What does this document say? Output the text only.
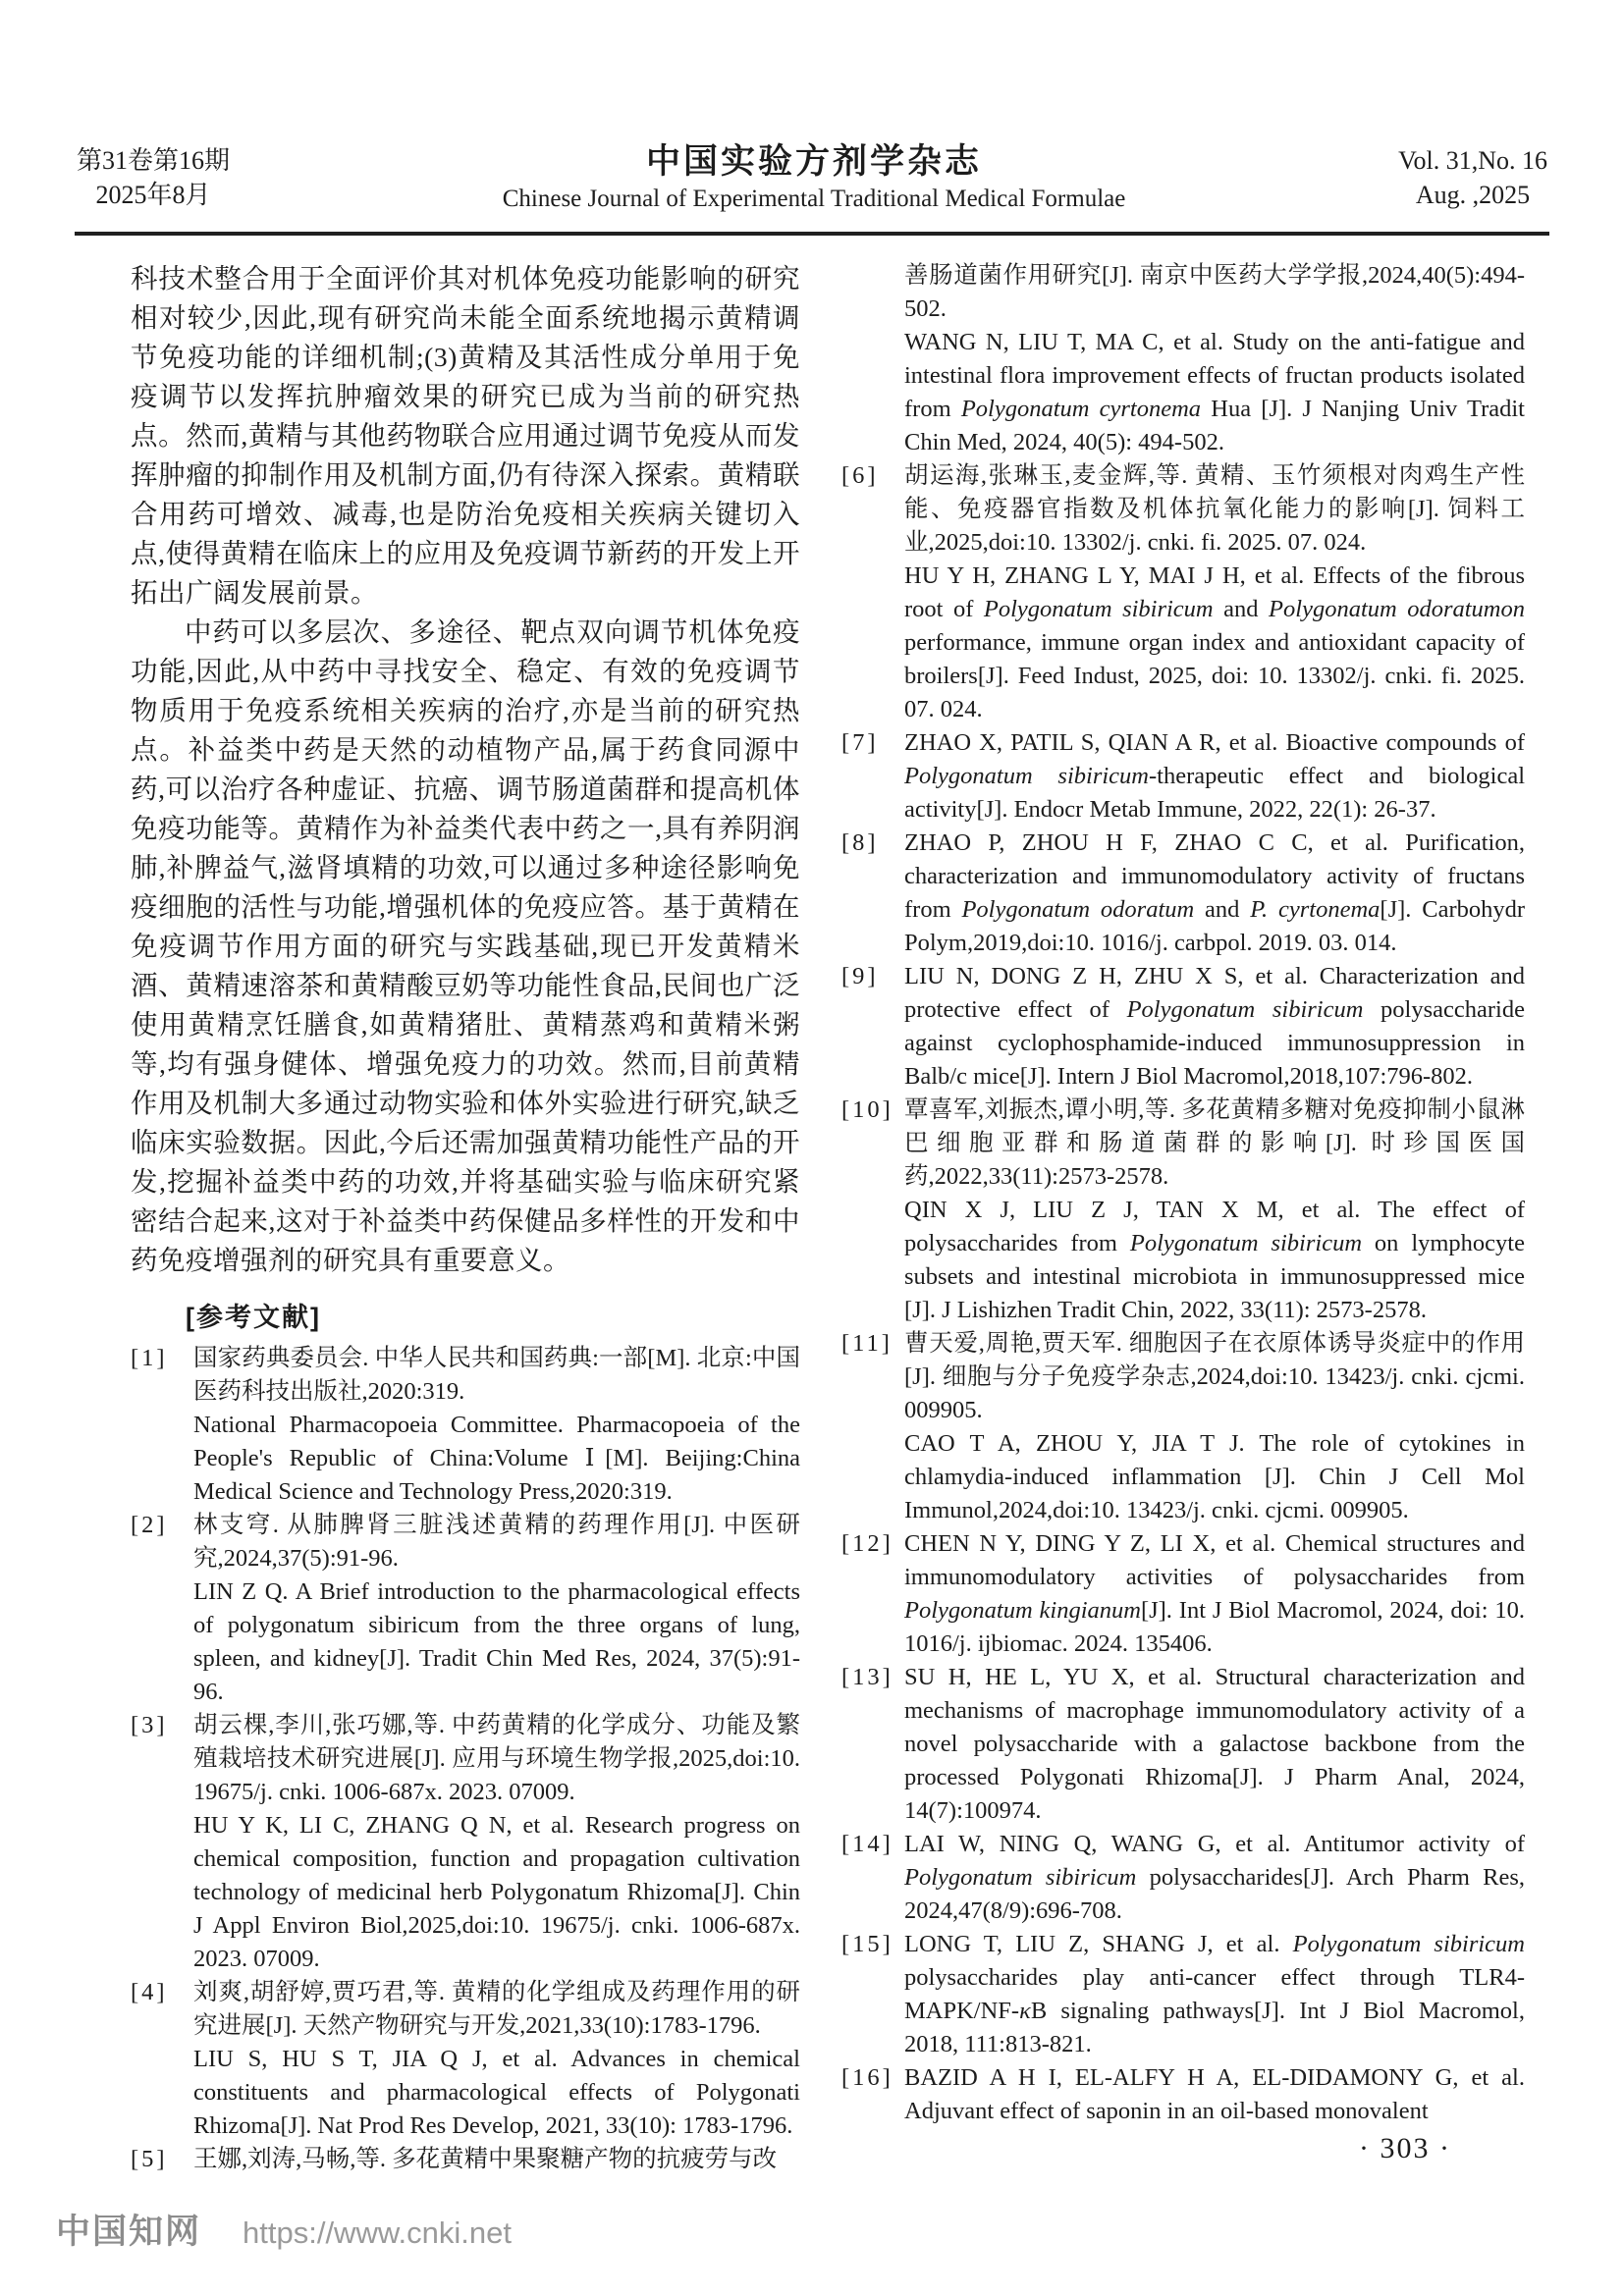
第31卷第16期
2025年8月
中国实验方剂学杂志
Chinese Journal of Experimental Traditional Medical Formulae
Vol. 31,No. 16
Aug. ,2025

科技术整合用于全面评价其对机体免疫功能影响的研究相对较少,因此,现有研究尚未能全面系统地揭示黄精调节免疫功能的详细机制;(3)黄精及其活性成分单用于免疫调节以发挥抗肿瘤效果的研究已成为当前的研究热点。然而,黄精与其他药物联合应用通过调节免疫从而发挥肿瘤的抑制作用及机制方面,仍有待深入探索。黄精联合用药可增效、减毒,也是防治免疫相关疾病关键切入点,使得黄精在临床上的应用及免疫调节新药的开发上开拓出广阔发展前景。

中药可以多层次、多途径、靶点双向调节机体免疫功能,因此,从中药中寻找安全、稳定、有效的免疫调节物质用于免疫系统相关疾病的治疗,亦是当前的研究热点。补益类中药是天然的动植物产品,属于药食同源中药,可以治疗各种虚证、抗癌、调节肠道菌群和提高机体免疫功能等。黄精作为补益类代表中药之一,具有养阴润肺,补脾益气,滋肾填精的功效,可以通过多种途径影响免疫细胞的活性与功能,增强机体的免疫应答。基于黄精在免疫调节作用方面的研究与实践基础,现已开发黄精米酒、黄精速溶茶和黄精酸豆奶等功能性食品,民间也广泛使用黄精烹饪膳食,如黄精猪肚、黄精蒸鸡和黄精米粥等,均有强身健体、增强免疫力的功效。然而,目前黄精作用及机制大多通过动物实验和体外实验进行研究,缺乏临床实验数据。因此,今后还需加强黄精功能性产品的开发,挖掘补益类中药的功效,并将基础实验与临床研究紧密结合起来,这对于补益类中药保健品多样性的开发和中药免疫增强剂的研究具有重要意义。

[参考文献]
[1] 国家药典委员会. 中华人民共和国药典:一部[M]. 北京:中国医药科技出版社,2020:319.
National Pharmacopoeia Committee. Pharmacopoeia of the People's Republic of China:Volume Ⅰ[M]. Beijing:China Medical Science and Technology Press,2020:319.
[2] 林支穹. 从肺脾肾三脏浅述黄精的药理作用[J]. 中医研究,2024,37(5):91-96.
LIN Z Q. A Brief introduction to the pharmacological effects of polygonatum sibiricum from the three organs of lung, spleen, and kidney[J]. Tradit Chin Med Res, 2024, 37(5):91-96.
[3] 胡云棵,李川,张巧娜,等. 中药黄精的化学成分、功能及繁殖栽培技术研究进展[J]. 应用与环境生物学报,2025,doi:10. 19675/j. cnki. 1006-687x. 2023. 07009.
HU Y K, LI C, ZHANG Q N, et al. Research progress on chemical composition, function and propagation cultivation technology of medicinal herb Polygonatum Rhizoma[J]. Chin J Appl Environ Biol,2025,doi:10. 19675/j. cnki. 1006-687x. 2023. 07009.
[4] 刘爽,胡舒婷,贾巧君,等. 黄精的化学组成及药理作用的研究进展[J]. 天然产物研究与开发,2021,33(10):1783-1796.
LIU S, HU S T, JIA Q J, et al. Advances in chemical constituents and pharmacological effects of Polygonati Rhizoma[J]. Nat Prod Res Develop, 2021, 33(10): 1783-1796.
[5] 王娜,刘涛,马畅,等. 多花黄精中果聚糖产物的抗疲劳与改
善肠道菌作用研究[J]. 南京中医药大学学报,2024,40(5):494-502.
WANG N, LIU T, MA C, et al. Study on the anti-fatigue and intestinal flora improvement effects of fructan products isolated from Polygonatum cyrtonema Hua [J]. J Nanjing Univ Tradit Chin Med, 2024, 40(5): 494-502.
[6] 胡运海,张琳玉,麦金辉,等. 黄精、玉竹须根对肉鸡生产性能、免疫器官指数及机体抗氧化能力的影响[J]. 饲料工业,2025,doi:10. 13302/j. cnki. fi. 2025. 07. 024.
HU Y H, ZHANG L Y, MAI J H, et al. Effects of the fibrous root of Polygonatum sibiricum and Polygonatum odoratumon performance, immune organ index and antioxidant capacity of broilers[J]. Feed Indust, 2025, doi: 10. 13302/j. cnki. fi. 2025. 07. 024.
[7] ZHAO X, PATIL S, QIAN A R, et al. Bioactive compounds of Polygonatum sibiricum-therapeutic effect and biological activity[J]. Endocr Metab Immune, 2022, 22(1): 26-37.
[8] ZHAO P, ZHOU H F, ZHAO C C, et al. Purification, characterization and immunomodulatory activity of fructans from Polygonatum odoratum and P. cyrtonema[J]. Carbohydr Polym,2019,doi:10. 1016/j. carbpol. 2019. 03. 014.
[9] LIU N, DONG Z H, ZHU X S, et al. Characterization and protective effect of Polygonatum sibiricum polysaccharide against cyclophosphamide-induced immunosuppression in Balb/c mice[J]. Intern J Biol Macromol,2018,107:796-802.
[10] 覃喜军,刘振杰,谭小明,等. 多花黄精多糖对免疫抑制小鼠淋巴细胞亚群和肠道菌群的影响[J]. 时珍国医国药,2022,33(11):2573-2578.
QIN X J, LIU Z J, TAN X M, et al. The effect of polysaccharides from Polygonatum sibiricum on lymphocyte subsets and intestinal microbiota in immunosuppressed mice [J]. J Lishizhen Tradit Chin, 2022, 33(11): 2573-2578.
[11] 曹天爱,周艳,贾天军. 细胞因子在衣原体诱导炎症中的作用[J]. 细胞与分子免疫学杂志,2024,doi:10. 13423/j. cnki. cjcmi. 009905.
CAO T A, ZHOU Y, JIA T J. The role of cytokines in chlamydia-induced inflammation [J]. Chin J Cell Mol Immunol,2024,doi:10. 13423/j. cnki. cjcmi. 009905.
[12] CHEN N Y, DING Y Z, LI X, et al. Chemical structures and immunomodulatory activities of polysaccharides from Polygonatum kingianum[J]. Int J Biol Macromol, 2024, doi: 10. 1016/j. ijbiomac. 2024. 135406.
[13] SU H, HE L, YU X, et al. Structural characterization and mechanisms of macrophage immunomodulatory activity of a novel polysaccharide with a galactose backbone from the processed Polygonati Rhizoma[J]. J Pharm Anal, 2024, 14(7):100974.
[14] LAI W, NING Q, WANG G, et al. Antitumor activity of Polygonatum sibiricum polysaccharides[J]. Arch Pharm Res, 2024,47(8/9):696-708.
[15] LONG T, LIU Z, SHANG J, et al. Polygonatum sibiricum polysaccharides play anti-cancer effect through TLR4-MAPK/NF-κB signaling pathways[J]. Int J Biol Macromol, 2018, 111:813-821.
[16] BAZID A H I, EL-ALFY H A, EL-DIDAMONY G, et al. Adjuvant effect of saponin in an oil-based monovalent
· 303 ·
中国知网 https://www.cnki.net
